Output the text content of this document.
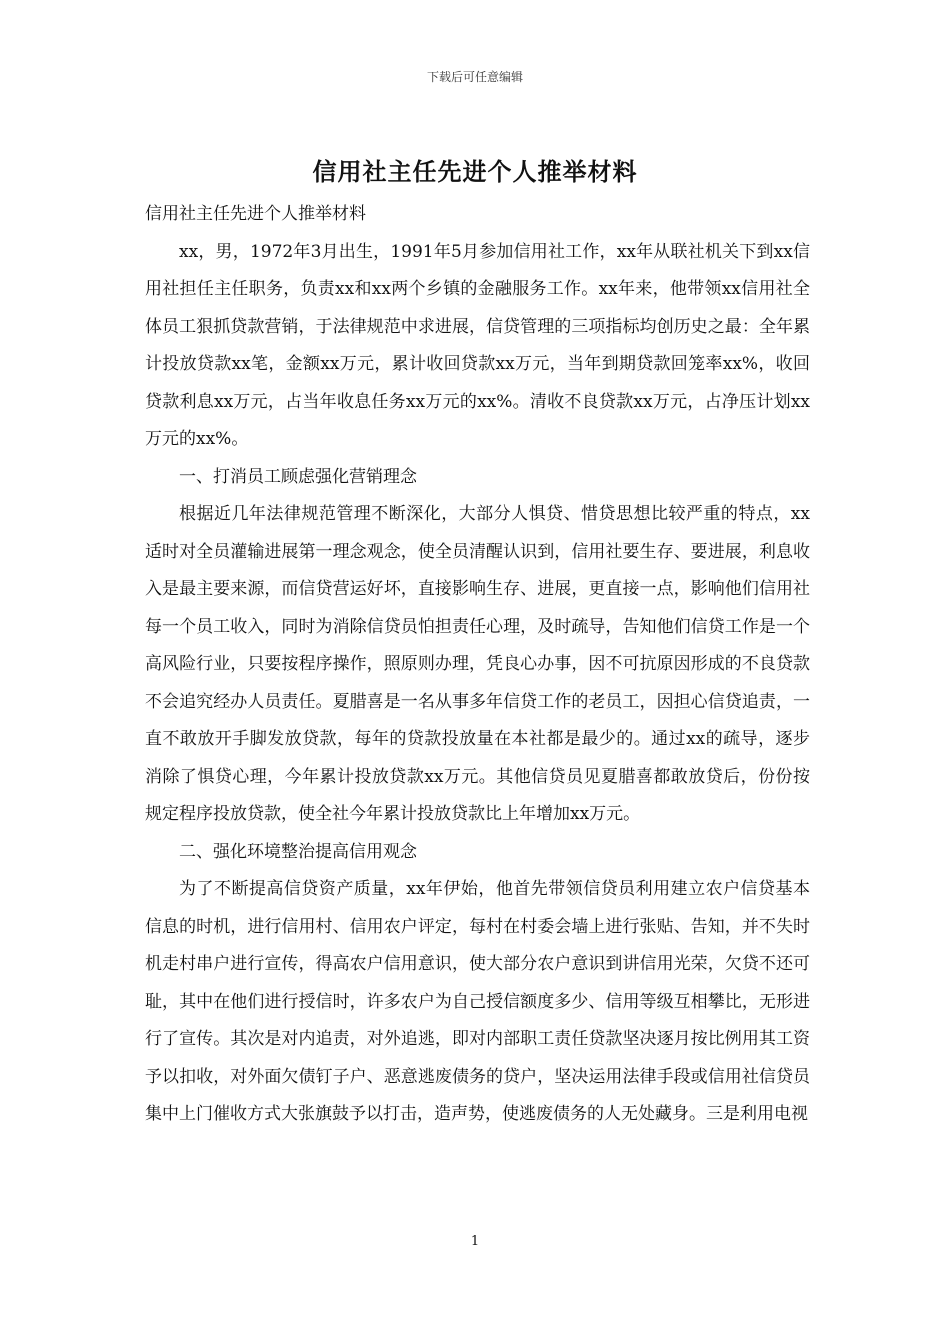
下载后可任意编辑
信用社主任先进个人推举材料

信用社主任先进个人推举材料

xx，男，1972年3月出生，1991年5月参加信用社工作，xx年从联社机关下到xx信用社担任主任职务，负责xx和xx两个乡镇的金融服务工作。xx年来，他带领xx信用社全体员工狠抓贷款营销，于法律规范中求进展，信贷管理的三项指标均创历史之最：全年累计投放贷款xx笔，金额xx万元，累计收回贷款xx万元，当年到期贷款回笼率xx%，收回贷款利息xx万元，占当年收息任务xx万元的xx%。清收不良贷款xx万元，占净压计划xx万元的xx%。

一、打消员工顾虑强化营销理念

根据近几年法律规范管理不断深化，大部分人惧贷、惜贷思想比较严重的特点，xx适时对全员灌输进展第一理念观念，使全员清醒认识到，信用社要生存、要进展，利息收入是最主要来源，而信贷营运好坏，直接影响生存、进展，更直接一点，影响他们信用社每一个员工收入，同时为消除信贷员怕担责任心理，及时疏导，告知他们信贷工作是一个高风险行业，只要按程序操作，照原则办理，凭良心办事，因不可抗原因形成的不良贷款不会追究经办人员责任。夏腊喜是一名从事多年信贷工作的老员工，因担心信贷追责，一直不敢放开手脚发放贷款，每年的贷款投放量在本社都是最少的。通过xx的疏导，逐步消除了惧贷心理，今年累计投放贷款xx万元。其他信贷员见夏腊喜都敢放贷后，份份按规定程序投放贷款，使全社今年累计投放贷款比上年增加xx万元。

二、强化环境整治提高信用观念

为了不断提高信贷资产质量，xx年伊始，他首先带领信贷员利用建立农户信贷基本信息的时机，进行信用村、信用农户评定，每村在村委会墙上进行张贴、告知，并不失时机走村串户进行宣传，得高农户信用意识，使大部分农户意识到讲信用光荣，欠贷不还可耻，其中在他们进行授信时，许多农户为自己授信额度多少、信用等级互相攀比，无形进行了宣传。其次是对内追责，对外追逃，即对内部职工责任贷款坚决逐月按比例用其工资予以扣收，对外面欠债钉子户、恶意逃废债务的贷户，坚决运用法律手段或信用社信贷员集中上门催收方式大张旗鼓予以打击，造声势，使逃废债务的人无处藏身。三是利用电视

1
